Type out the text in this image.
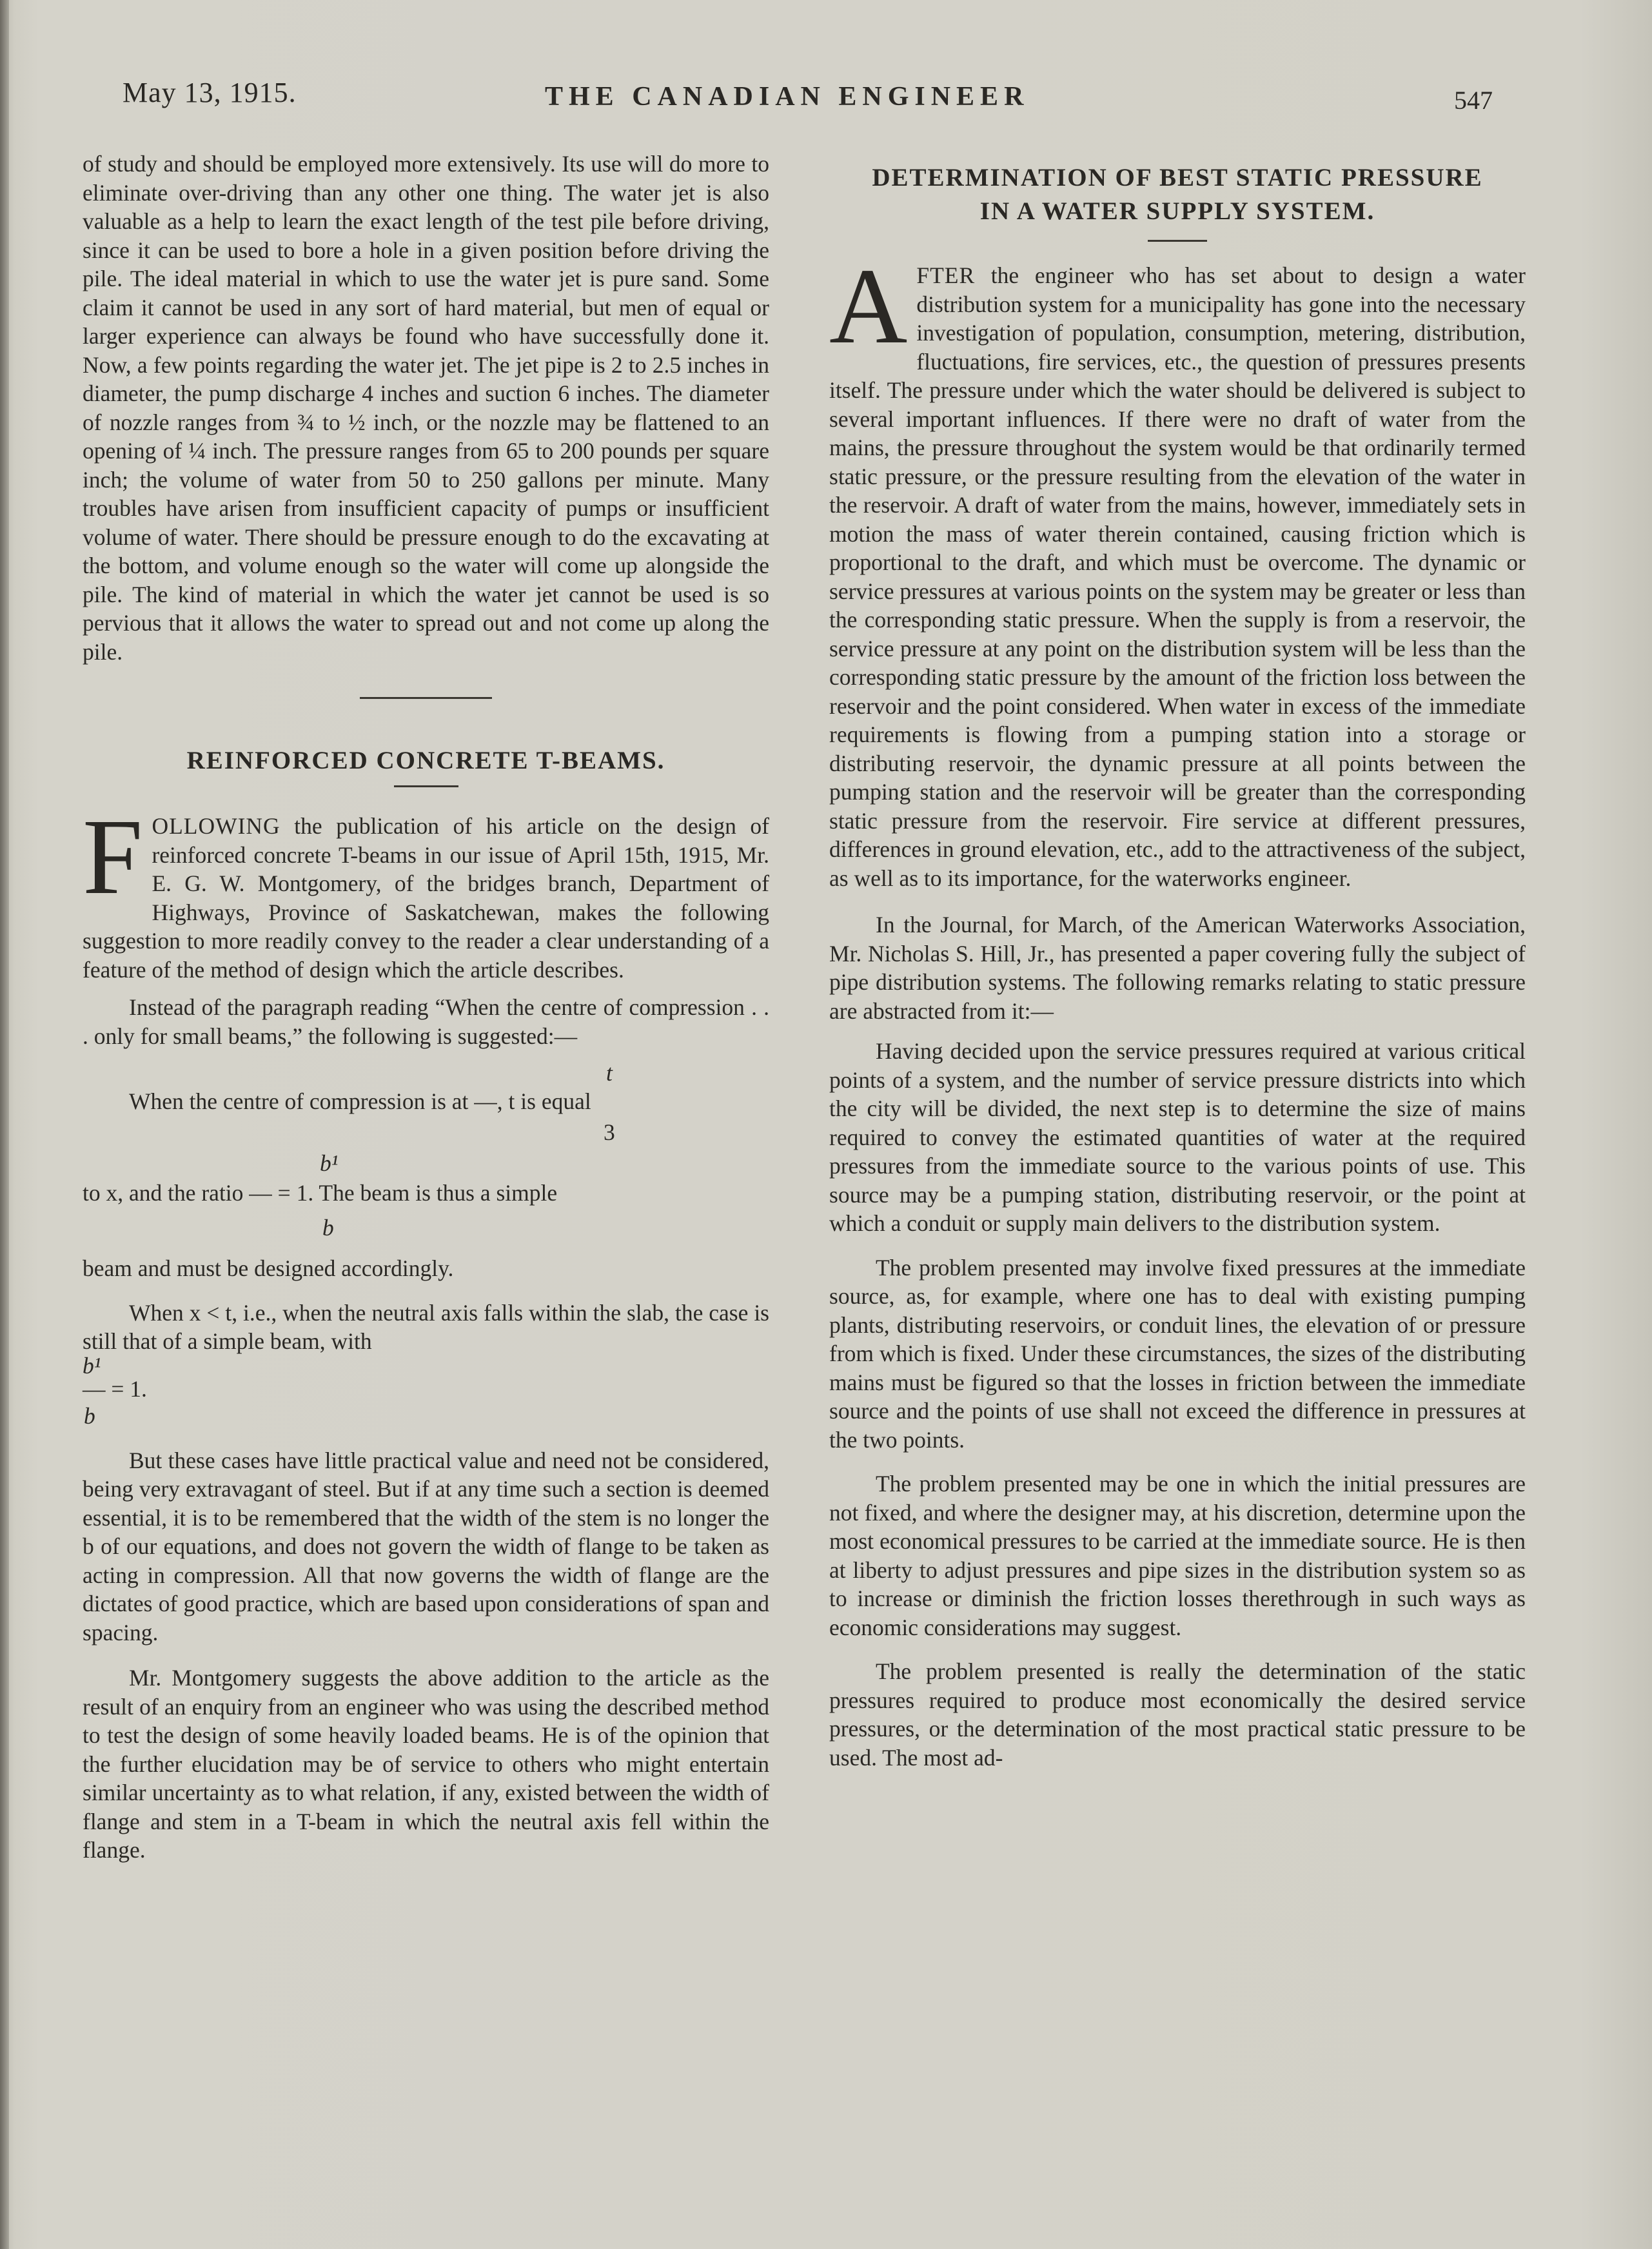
May 13, 1915.	THE CANADIAN ENGINEER	547

of study and should be employed more extensively. Its use will do more to eliminate over-driving than any other one thing. The water jet is also valuable as a help to learn the exact length of the test pile before driving, since it can be used to bore a hole in a given position before driving the pile. The ideal material in which to use the water jet is pure sand. Some claim it cannot be used in any sort of hard material, but men of equal or larger experience can always be found who have successfully done it. Now, a few points regarding the water jet. The jet pipe is 2 to 2.5 inches in diameter, the pump discharge 4 inches and suction 6 inches. The diameter of nozzle ranges from ¾ to ½ inch, or the nozzle may be flattened to an opening of ¼ inch. The pressure ranges from 65 to 200 pounds per square inch; the volume of water from 50 to 250 gallons per minute. Many troubles have arisen from insufficient capacity of pumps or insufficient volume of water. There should be pressure enough to do the excavating at the bottom, and volume enough so the water will come up alongside the pile. The kind of material in which the water jet cannot be used is so pervious that it allows the water to spread out and not come up along the pile.

REINFORCED CONCRETE T-BEAMS.

FOLLOWING the publication of his article on the design of reinforced concrete T-beams in our issue of April 15th, 1915, Mr. E. G. W. Montgomery, of the bridges branch, Department of Highways, Province of Saskatchewan, makes the following suggestion to more readily convey to the reader a clear understanding of a feature of the method of design which the article describes.

Instead of the paragraph reading “When the centre of compression . . . only for small beams,” the following is suggested:—

t
When the centre of compression is at —, t is equal
3
b¹
to x, and the ratio — = 1. The beam is thus a simple
b

beam and must be designed accordingly.

When x < t, i.e., when the neutral axis falls within the slab, the case is still that of a simple beam, with

b¹
— = 1.
b

But these cases have little practical value and need not be considered, being very extravagant of steel. But if at any time such a section is deemed essential, it is to be remembered that the width of the stem is no longer the b of our equations, and does not govern the width of flange to be taken as acting in compression. All that now governs the width of flange are the dictates of good practice, which are based upon considerations of span and spacing.

Mr. Montgomery suggests the above addition to the article as the result of an enquiry from an engineer who was using the described method to test the design of some heavily loaded beams. He is of the opinion that the further elucidation may be of service to others who might entertain similar uncertainty as to what relation, if any, existed between the width of flange and stem in a T-beam in which the neutral axis fell within the flange.

DETERMINATION OF BEST STATIC PRESSURE
IN A WATER SUPPLY SYSTEM.

AFTER the engineer who has set about to design a water distribution system for a municipality has gone into the necessary investigation of population, consumption, metering, distribution, fluctuations, fire services, etc., the question of pressures presents itself. The pressure under which the water should be delivered is subject to several important influences. If there were no draft of water from the mains, the pressure throughout the system would be that ordinarily termed static pressure, or the pressure resulting from the elevation of the water in the reservoir. A draft of water from the mains, however, immediately sets in motion the mass of water therein contained, causing friction which is proportional to the draft, and which must be overcome. The dynamic or service pressures at various points on the system may be greater or less than the corresponding static pressure. When the supply is from a reservoir, the service pressure at any point on the distribution system will be less than the corresponding static pressure by the amount of the friction loss between the reservoir and the point considered. When water in excess of the immediate requirements is flowing from a pumping station into a storage or distributing reservoir, the dynamic pressure at all points between the pumping station and the reservoir will be greater than the corresponding static pressure from the reservoir. Fire service at different pressures, differences in ground elevation, etc., add to the attractiveness of the subject, as well as to its importance, for the waterworks engineer.

In the Journal, for March, of the American Waterworks Association, Mr. Nicholas S. Hill, Jr., has presented a paper covering fully the subject of pipe distribution systems. The following remarks relating to static pressure are abstracted from it:—

Having decided upon the service pressures required at various critical points of a system, and the number of service pressure districts into which the city will be divided, the next step is to determine the size of mains required to convey the estimated quantities of water at the required pressures from the immediate source to the various points of use. This source may be a pumping station, distributing reservoir, or the point at which a conduit or supply main delivers to the distribution system.

The problem presented may involve fixed pressures at the immediate source, as, for example, where one has to deal with existing pumping plants, distributing reservoirs, or conduit lines, the elevation of or pressure from which is fixed. Under these circumstances, the sizes of the distributing mains must be figured so that the losses in friction between the immediate source and the points of use shall not exceed the difference in pressures at the two points.

The problem presented may be one in which the initial pressures are not fixed, and where the designer may, at his discretion, determine upon the most economical pressures to be carried at the immediate source. He is then at liberty to adjust pressures and pipe sizes in the distribution system so as to increase or diminish the friction losses therethrough in such ways as economic considerations may suggest.

The problem presented is really the determination of the static pressures required to produce most economically the desired service pressures, or the determination of the most practical static pressure to be used. The most ad-
